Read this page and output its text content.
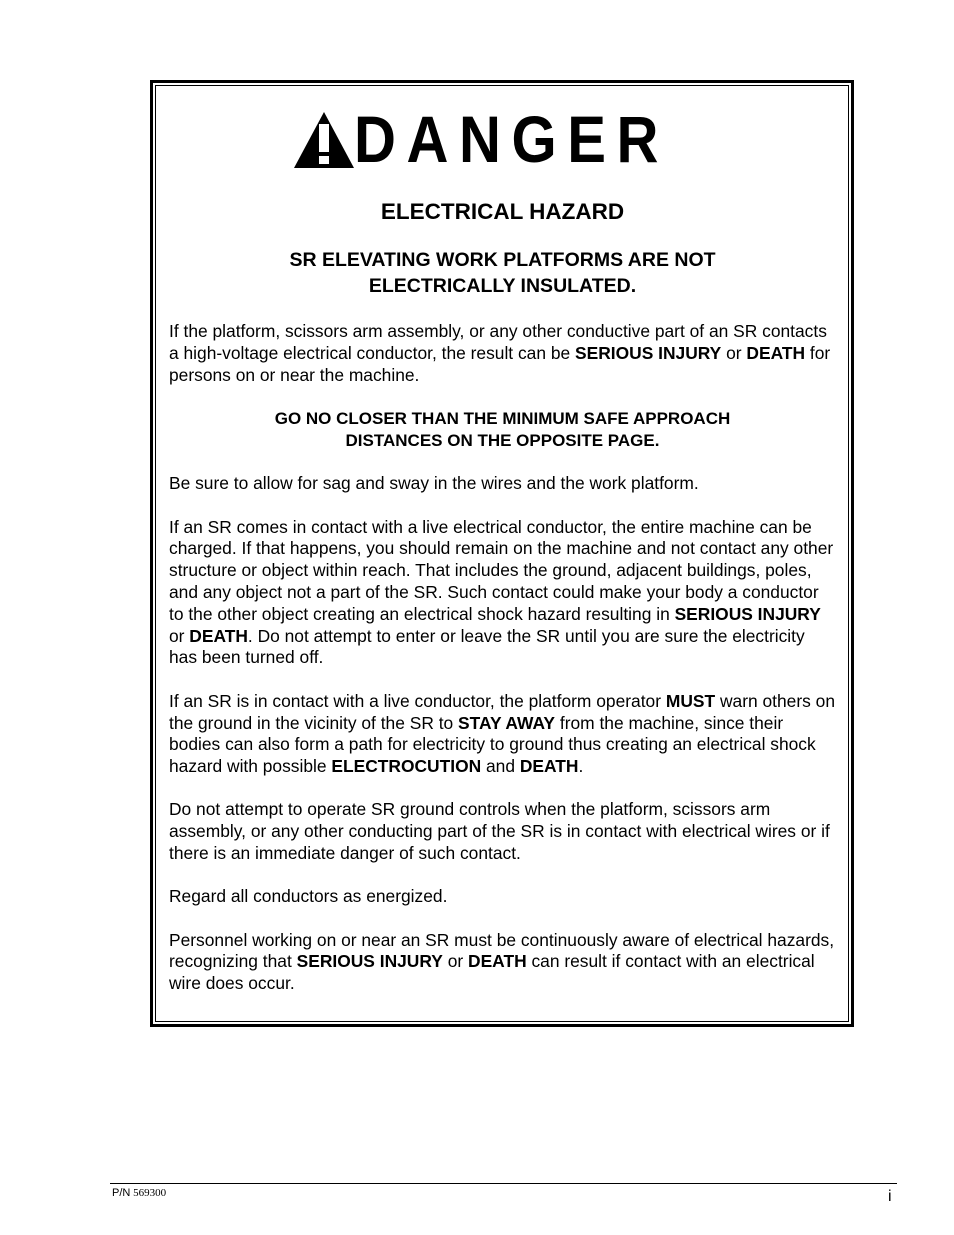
DANGER
ELECTRICAL HAZARD
SR ELEVATING WORK PLATFORMS ARE NOT
ELECTRICALLY INSULATED.

If the platform, scissors arm assembly, or any other conductive part of an SR contacts a high-voltage electrical conductor, the result can be SERIOUS INJURY or DEATH for persons on or near the machine.

GO NO CLOSER THAN THE MINIMUM SAFE APPROACH
DISTANCES ON THE OPPOSITE PAGE.

Be sure to allow for sag and sway in the wires and the work platform.

If an SR comes in contact with a live electrical conductor, the entire machine can be charged. If that happens, you should remain on the machine and not contact any other structure or object within reach. That includes the ground, adjacent buildings, poles, and any object not a part of the SR. Such contact could make your body a conductor to the other object creating an electrical shock hazard resulting in SERIOUS INJURY or DEATH. Do not attempt to enter or leave the SR until you are sure the electricity has been turned off.

If an SR is in contact with a live conductor, the platform operator MUST warn others on the ground in the vicinity of the SR to STAY AWAY from the machine, since their bodies can also form a path for electricity to ground thus creating an electrical shock hazard with possible ELECTROCUTION and DEATH.

Do not attempt to operate SR ground controls when the platform, scissors arm assembly, or any other conducting part of the SR is in contact with electrical wires or if there is an immediate danger of such contact.

Regard all conductors as energized.

Personnel working on or near an SR must be continuously aware of electrical hazards, recognizing that SERIOUS INJURY or DEATH can result if contact with an electrical wire does occur.

P/N 569300	i
